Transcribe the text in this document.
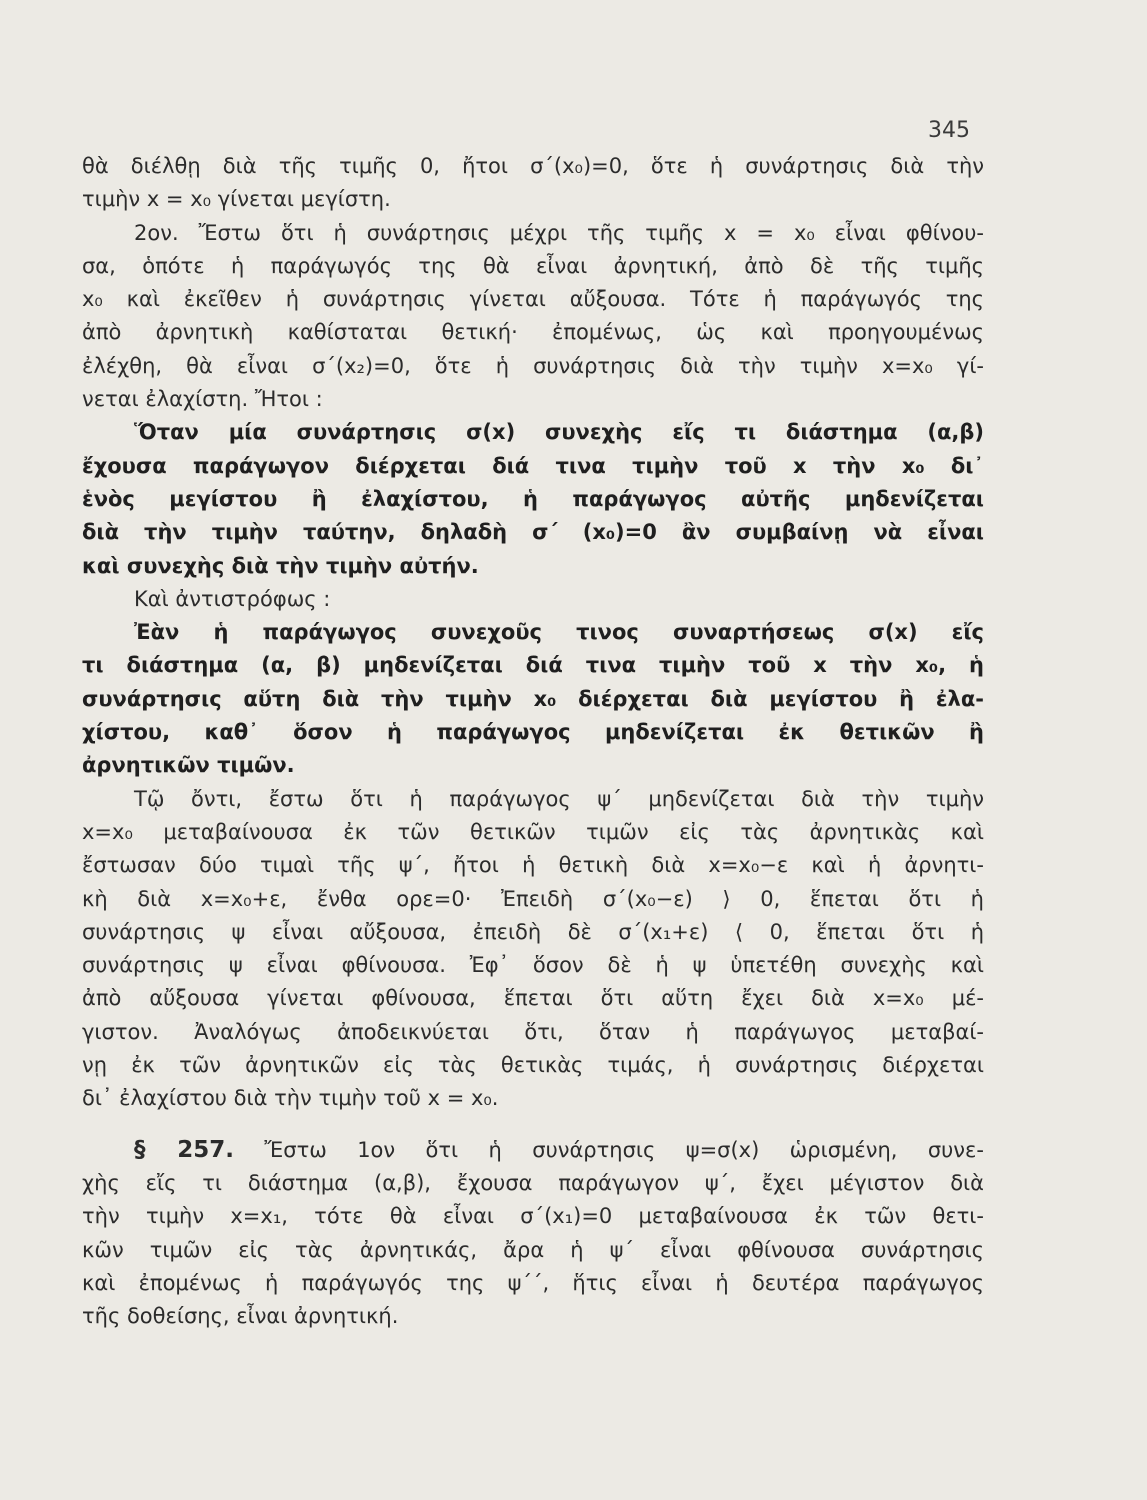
345
θὰ διέλθῃ διὰ τῆς τιμῆς 0, ἤτοι σ΄(x₀)=0, ὅτε ἡ συνάρτησις διὰ τὴν
τιμὴν x = x₀ γίνεται μεγίστη.
2ον. Ἔστω ὅτι ἡ συνάρτησις μέχρι τῆς τιμῆς x = x₀ εἶναι φθίνου-
σα, ὁπότε ἡ παράγωγός της θὰ εἶναι ἀρνητική, ἀπὸ δὲ τῆς τιμῆς
x₀ καὶ ἐκεῖθεν ἡ συνάρτησις γίνεται αὔξουσα. Τότε ἡ παράγωγός της
ἀπὸ ἀρνητικὴ καθίσταται θετική· ἐπομένως, ὡς καὶ προηγουμένως
ἐλέχθη, θὰ εἶναι σ΄(x₂)=0, ὅτε ἡ συνάρτησις διὰ τὴν τιμὴν x=x₀ γί-
νεται ἐλαχίστη. Ἤτοι :
Ὅταν μία συνάρτησις σ(x) συνεχὴς εἴς τι διάστημα (α,β)
ἔχουσα παράγωγον διέρχεται διά τινα τιμὴν τοῦ x τὴν x₀ δι᾽
ἑνὸς μεγίστου ἢ ἐλαχίστου, ἡ παράγωγος αὐτῆς μηδενίζεται
διὰ τὴν τιμὴν ταύτην, δηλαδὴ σ΄ (x₀)=0 ἂν συμβαίνῃ νὰ εἶναι
καὶ συνεχὴς διὰ τὴν τιμὴν αὐτήν.
Καὶ ἀντιστρόφως :
Ἐὰν ἡ παράγωγος συνεχοῦς τινος συναρτήσεως σ(x) εἴς
τι διάστημα (α, β) μηδενίζεται διά τινα τιμὴν τοῦ x τὴν x₀, ἡ
συνάρτησις αὕτη διὰ τὴν τιμὴν x₀ διέρχεται διὰ μεγίστου ἢ ἐλα-
χίστου, καθ᾽ ὅσον ἡ παράγωγος μηδενίζεται ἐκ θετικῶν ἢ
ἀρνητικῶν τιμῶν.
Τῷ ὄντι, ἔστω ὅτι ἡ παράγωγος ψ΄ μηδενίζεται διὰ τὴν τιμὴν
x=x₀ μεταβαίνουσα ἐκ τῶν θετικῶν τιμῶν εἰς τὰς ἀρνητικὰς καὶ
ἔστωσαν δύο τιμαὶ τῆς ψ΄, ἤτοι ἡ θετικὴ διὰ x=x₀−ε καὶ ἡ ἀρνητι-
κὴ διὰ x=x₀+ε, ἔνθα ορε=0· Ἐπειδὴ σ΄(x₀−ε) ⟩ 0, ἕπεται ὅτι ἡ
συνάρτησις ψ εἶναι αὔξουσα, ἐπειδὴ δὲ σ΄(x₁+ε) ⟨ 0, ἕπεται ὅτι ἡ
συνάρτησις ψ εἶναι φθίνουσα. Ἐφ᾽ ὅσον δὲ ἡ ψ ὑπετέθη συνεχὴς καὶ
ἀπὸ αὔξουσα γίνεται φθίνουσα, ἕπεται ὅτι αὕτη ἔχει διὰ x=x₀ μέ-
γιστον. Ἀναλόγως ἀποδεικνύεται ὅτι, ὅταν ἡ παράγωγος μεταβαί-
νῃ ἐκ τῶν ἀρνητικῶν εἰς τὰς θετικὰς τιμάς, ἡ συνάρτησις διέρχεται
δι᾽ ἐλαχίστου διὰ τὴν τιμὴν τοῦ x = x₀.
§ 257. Ἔστω 1ον ὅτι ἡ συνάρτησις ψ=σ(x) ὡρισμένη, συνε-
χὴς εἴς τι διάστημα (α,β), ἔχουσα παράγωγον ψ΄, ἔχει μέγιστον διὰ
τὴν τιμὴν x=x₁, τότε θὰ εἶναι σ΄(x₁)=0 μεταβαίνουσα ἐκ τῶν θετι-
κῶν τιμῶν εἰς τὰς ἀρνητικάς, ἄρα ἡ ψ΄ εἶναι φθίνουσα συνάρτησις
καὶ ἐπομένως ἡ παράγωγός της ψ΄΄, ἥτις εἶναι ἡ δευτέρα παράγωγος
τῆς δοθείσης, εἶναι ἀρνητική.
